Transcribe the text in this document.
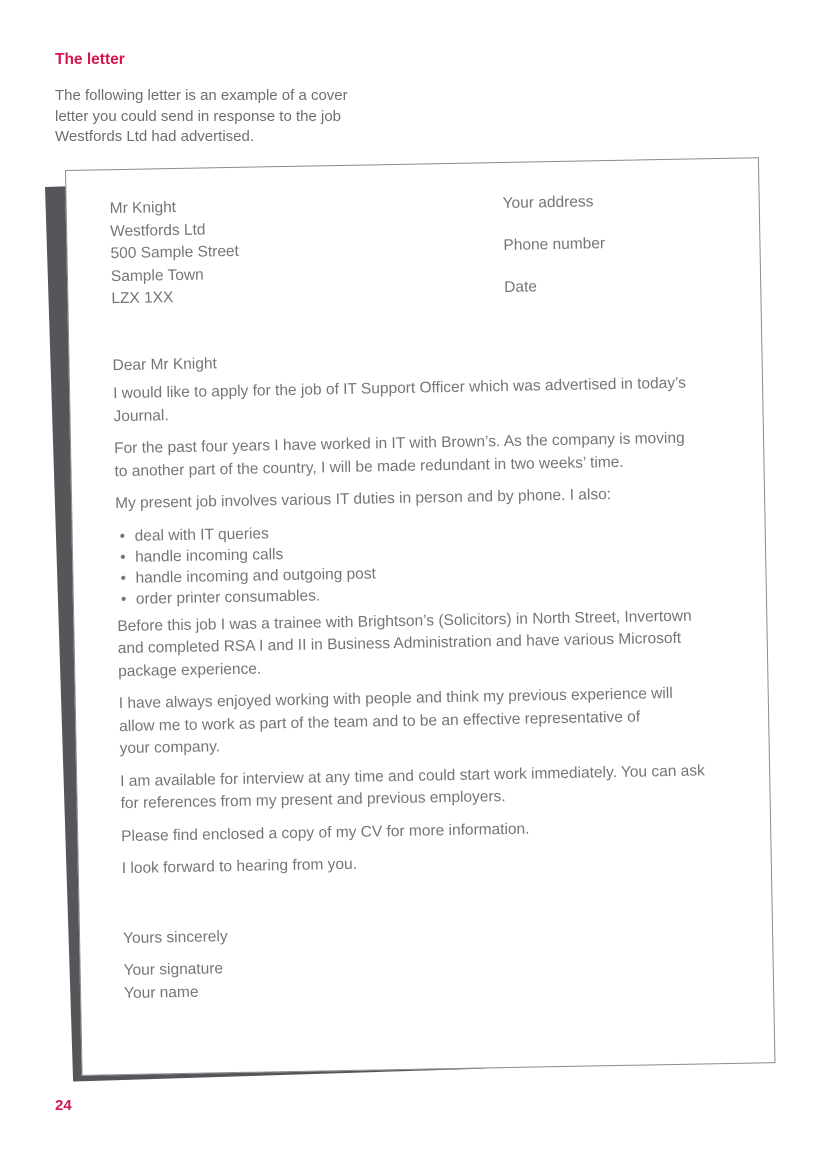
The letter
The following letter is an example of a cover
letter you could send in response to the job
Westfords Ltd had advertised.
Mr Knight
Westfords Ltd
500 Sample Street
Sample Town
LZX 1XX
Your address
Phone number
Date
Dear Mr Knight
I would like to apply for the job of IT Support Officer which was advertised in today’s
Journal.
For the past four years I have worked in IT with Brown’s. As the company is moving
to another part of the country, I will be made redundant in two weeks’ time.
My present job involves various IT duties in person and by phone. I also:
• deal with IT queries
• handle incoming calls
• handle incoming and outgoing post
• order printer consumables.
Before this job I was a trainee with Brightson’s (Solicitors) in North Street, Invertown
and completed RSA I and II in Business Administration and have various Microsoft
package experience.
I have always enjoyed working with people and think my previous experience will
allow me to work as part of the team and to be an effective representative of
your company.
I am available for interview at any time and could start work immediately. You can ask
for references from my present and previous employers.
Please find enclosed a copy of my CV for more information.
I look forward to hearing from you.
Yours sincerely
Your signature
Your name
24
